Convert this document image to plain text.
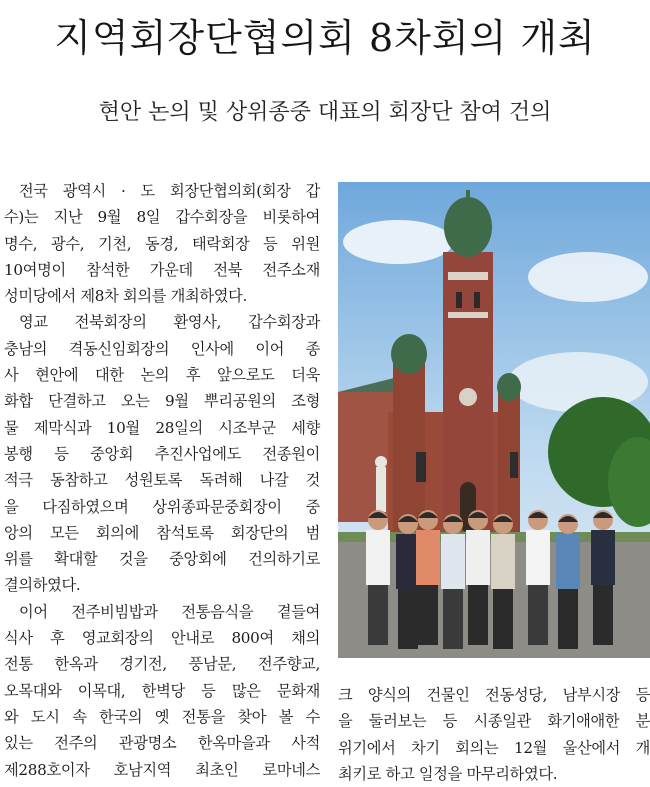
지역회장단협의회 8차회의 개최
현안 논의 및 상위종중 대표의 회장단 참여 건의

전국 광역시 · 도 회장단협의회(회장 갑

수)는 지난 9월 8일 갑수회장을 비롯하여

명수, 광수, 기천, 동경, 태락회장 등 위원

10여명이 참석한 가운데 전북 전주소재

성미당에서 제8차 회의를 개최하였다.

영교 전북회장의 환영사, 갑수회장과

충남의 격동신임회장의 인사에 이어 종

사 현안에 대한 논의 후 앞으로도 더욱

화합 단결하고 오는 9월 뿌리공원의 조형

물 제막식과 10월 28일의 시조부군 세향

봉행 등 중앙회 추진사업에도 전종원이

적극 동참하고 성원토록 독려해 나갈 것

을 다짐하였으며 상위종파문중회장이 중

앙의 모든 회의에 참석토록 회장단의 범

위를 확대할 것을 중앙회에 건의하기로

결의하였다.

이어 전주비빔밥과 전통음식을 곁들여

식사 후 영교회장의 안내로 800여 채의

전통 한옥과 경기전, 풍남문, 전주향교,

오목대와 이목대, 한벽당 등 많은 문화재

와 도시 속 한국의 옛 전통을 찾아 볼 수

있는 전주의 관광명소 한옥마을과 사적

제288호이자 호남지역 최초인 로마네스

크 양식의 건물인 전동성당, 남부시장 등

을 둘러보는 등 시종일관 화기애애한 분

위기에서 차기 회의는 12월 울산에서 개

최키로 하고 일정을 마무리하였다.
